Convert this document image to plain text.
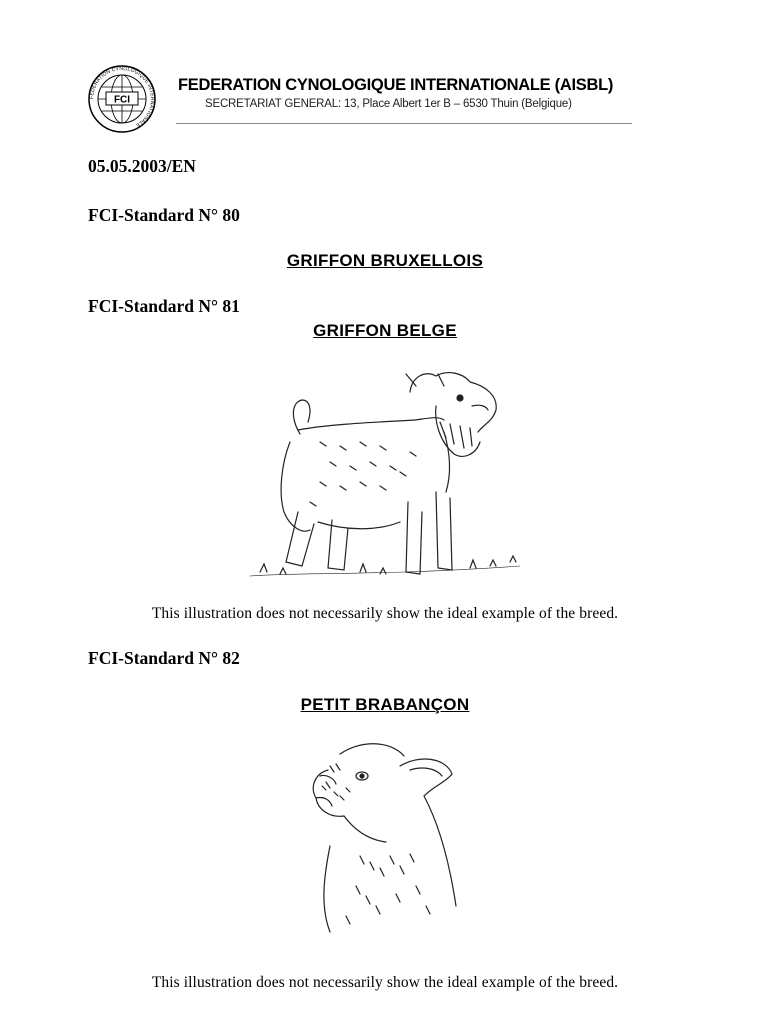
FCI
FEDERATION CYNOLOGIQUE INTERNATIONALE
FEDERATION CYNOLOGIQUE INTERNATIONALE (AISBL)
SECRETARIAT GENERAL: 13, Place Albert 1er B – 6530 Thuin (Belgique)
05.05.2003/EN
FCI-Standard N° 80
GRIFFON BRUXELLOIS
FCI-Standard N° 81
GRIFFON BELGE
This illustration does not necessarily show the ideal example of the breed.
FCI-Standard N° 82
PETIT BRABANÇON
This illustration does not necessarily show the ideal example of the breed.
